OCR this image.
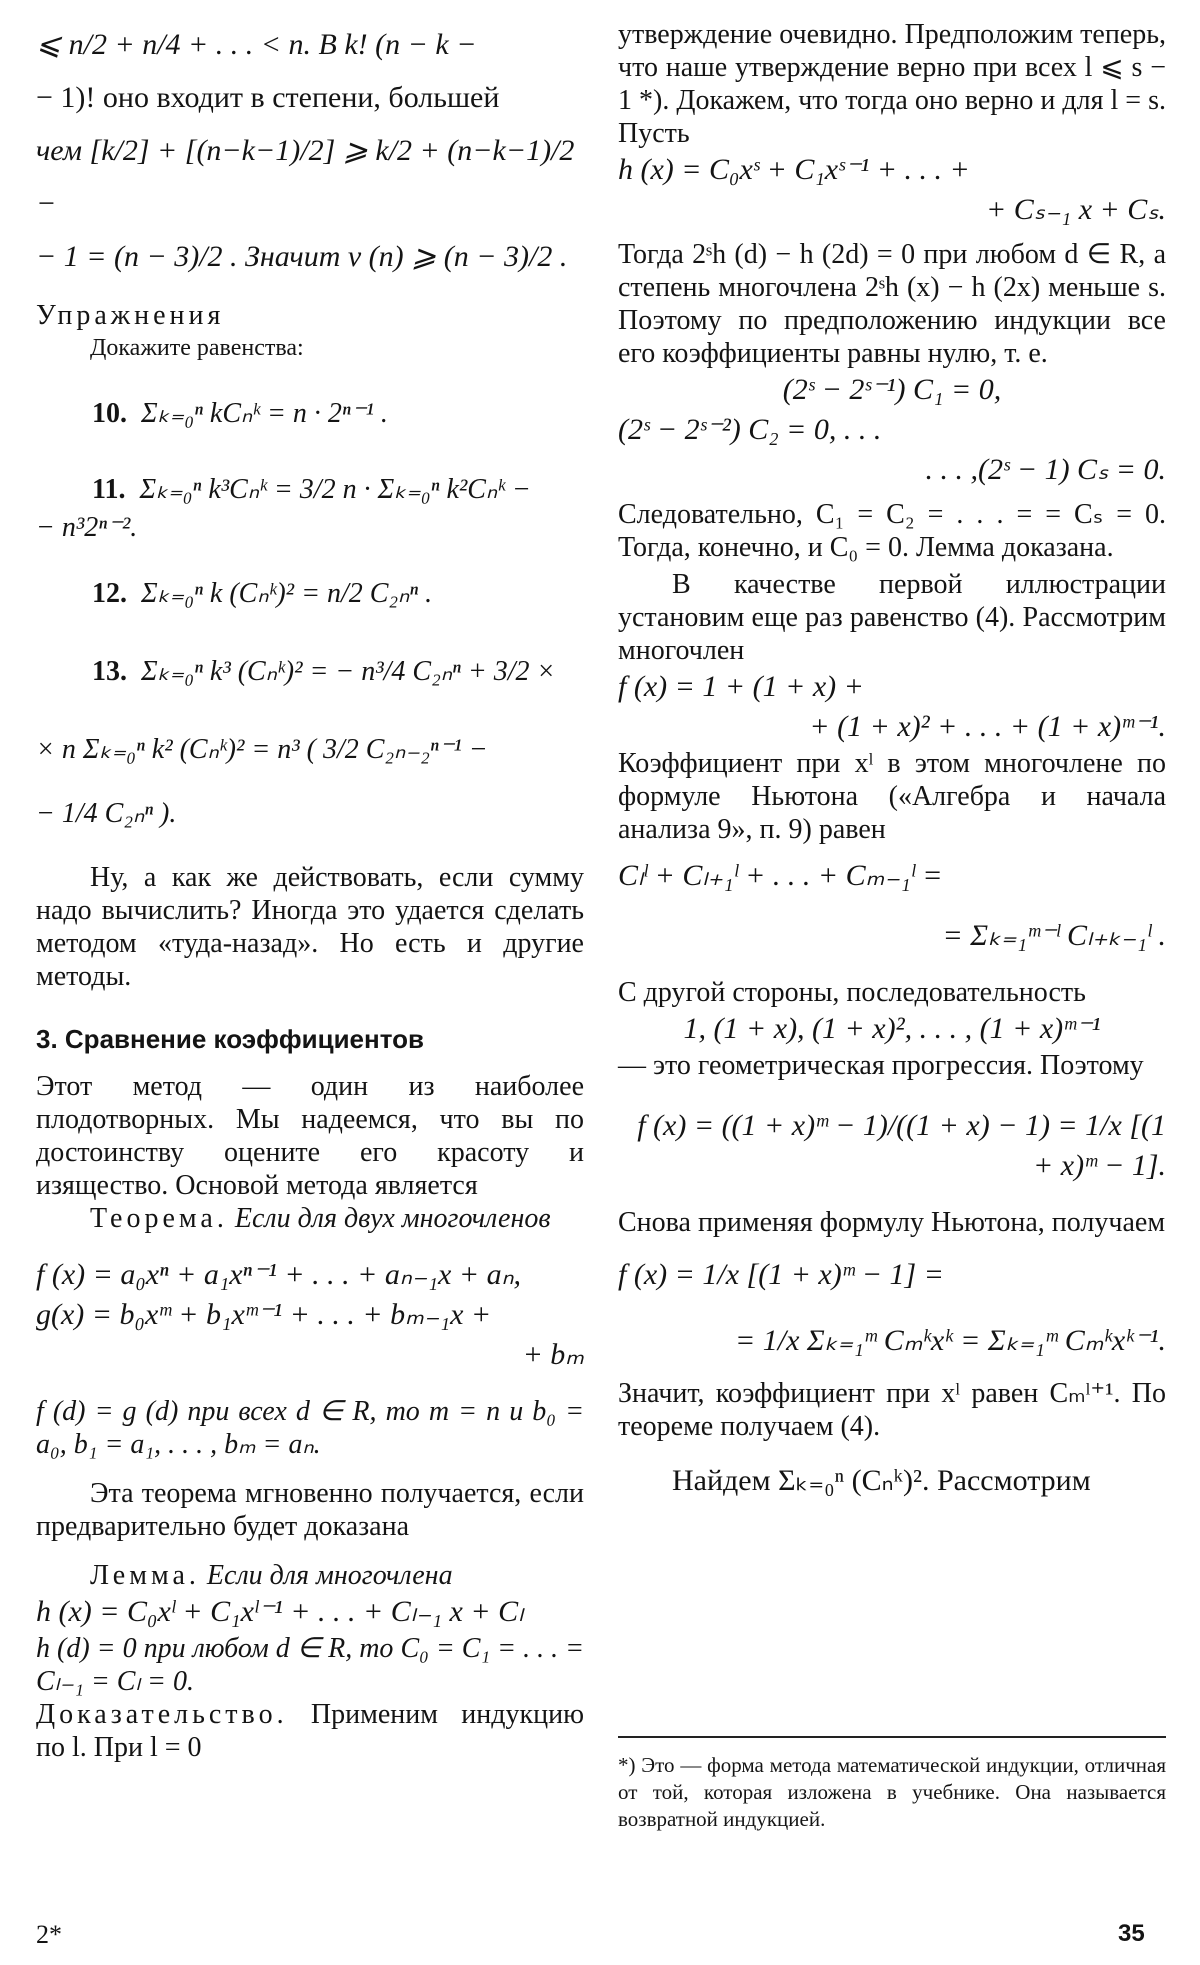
⩽ n/2 + n/4 + . . . < n. В k! (n − k −
− 1)! оно входит в степени, большей
чем [k/2] + [(n−k−1)/2] ⩾ k/2 + (n−k−1)/2 −
− 1 = (n − 3)/2 . Значит ν (n) ⩾ (n − 3)/2 .

Упражнения

Докажите равенства:

10. Σₖ₌₀ⁿ kCₙᵏ = n · 2ⁿ⁻¹ .
11. Σₖ₌₀ⁿ k³Cₙᵏ = 3/2 n · Σₖ₌₀ⁿ k²Cₙᵏ −
− n³2ⁿ⁻².
12. Σₖ₌₀ⁿ k (Cₙᵏ)² = n/2 C₂ₙⁿ .
13. Σₖ₌₀ⁿ k³ (Cₙᵏ)² = − n³/4 C₂ₙⁿ + 3/2 ×
× n Σₖ₌₀ⁿ k² (Cₙᵏ)² = n³ ( 3/2 C₂ₙ₋₂ⁿ⁻¹ −
− 1/4 C₂ₙⁿ ).

Ну, а как же действовать, если сумму надо вычислить? Иногда это удается сделать методом «туда-назад». Но есть и другие методы.

3. Сравнение коэффициентов

Этот метод — один из наиболее плодотворных. Мы надеемся, что вы по достоинству оцените его красоту и изящество. Основой метода является

Теорема. Если для двух многочленов

f (x) = a₀xⁿ + a₁xⁿ⁻¹ + . . . + aₙ₋₁x + aₙ,
g(x) = b₀xᵐ + b₁xᵐ⁻¹ + . . . + bₘ₋₁x +
+ bₘ

f (d) = g (d) при всех d ∈ R, то m = n и b₀ = a₀, b₁ = a₁, . . . , bₘ = aₙ.

Эта теорема мгновенно получается, если предварительно будет доказана

Лемма. Если для многочлена

h (x) = C₀xˡ + C₁xˡ⁻¹ + . . . + Cₗ₋₁ x + Cₗ

h (d) = 0 при любом d ∈ R, то C₀ = C₁ = . . . = Cₗ₋₁ = Cₗ = 0.

Доказательство. Применим индукцию по l. При l = 0

утверждение очевидно. Предположим теперь, что наше утверждение верно при всех l ⩽ s − 1 *). Докажем, что тогда оно верно и для l = s. Пусть

h (x) = C₀xˢ + C₁xˢ⁻¹ + . . . +
+ Cₛ₋₁ x + Cₛ.

Тогда 2ˢh (d) − h (2d) = 0 при любом d ∈ R, а степень многочлена 2ˢh (x) − h (2x) меньше s. Поэтому по предположению индукции все его коэффициенты равны нулю, т. е.

(2ˢ − 2ˢ⁻¹) C₁ = 0,
(2ˢ − 2ˢ⁻²) C₂ = 0, . . .
. . . ,(2ˢ − 1) Cₛ = 0.

Следовательно, C₁ = C₂ = . . . = = Cₛ = 0. Тогда, конечно, и C₀ = 0. Лемма доказана.

В качестве первой иллюстрации установим еще раз равенство (4). Рассмотрим многочлен

f (x) = 1 + (1 + x) +
+ (1 + x)² + . . . + (1 + x)ᵐ⁻¹.

Коэффициент при xˡ в этом многочлене по формуле Ньютона («Алгебра и начала анализа 9», п. 9) равен

Cₗˡ + Cₗ₊₁ˡ + . . . + Cₘ₋₁ˡ =
= Σₖ₌₁ᵐ⁻ˡ Cₗ₊ₖ₋₁ˡ .

С другой стороны, последовательность

1, (1 + x), (1 + x)², . . . , (1 + x)ᵐ⁻¹

— это геометрическая прогрессия. Поэтому

f (x) = ((1 + x)ᵐ − 1)/((1 + x) − 1) = 1/x [(1 + x)ᵐ − 1].

Снова применяя формулу Ньютона, получаем

f (x) = 1/x [(1 + x)ᵐ − 1] =
= 1/x Σₖ₌₁ᵐ Cₘᵏxᵏ = Σₖ₌₁ᵐ Cₘᵏxᵏ⁻¹.

Значит, коэффициент при xˡ равен Cₘˡ⁺¹. По теореме получаем (4).

Найдем Σₖ₌₀ⁿ (Cₙᵏ)². Рассмотрим
*) Это — форма метода математической индукции, отличная от той, которая изложена в учебнике. Она называется возвратной индукцией.
2*	35
